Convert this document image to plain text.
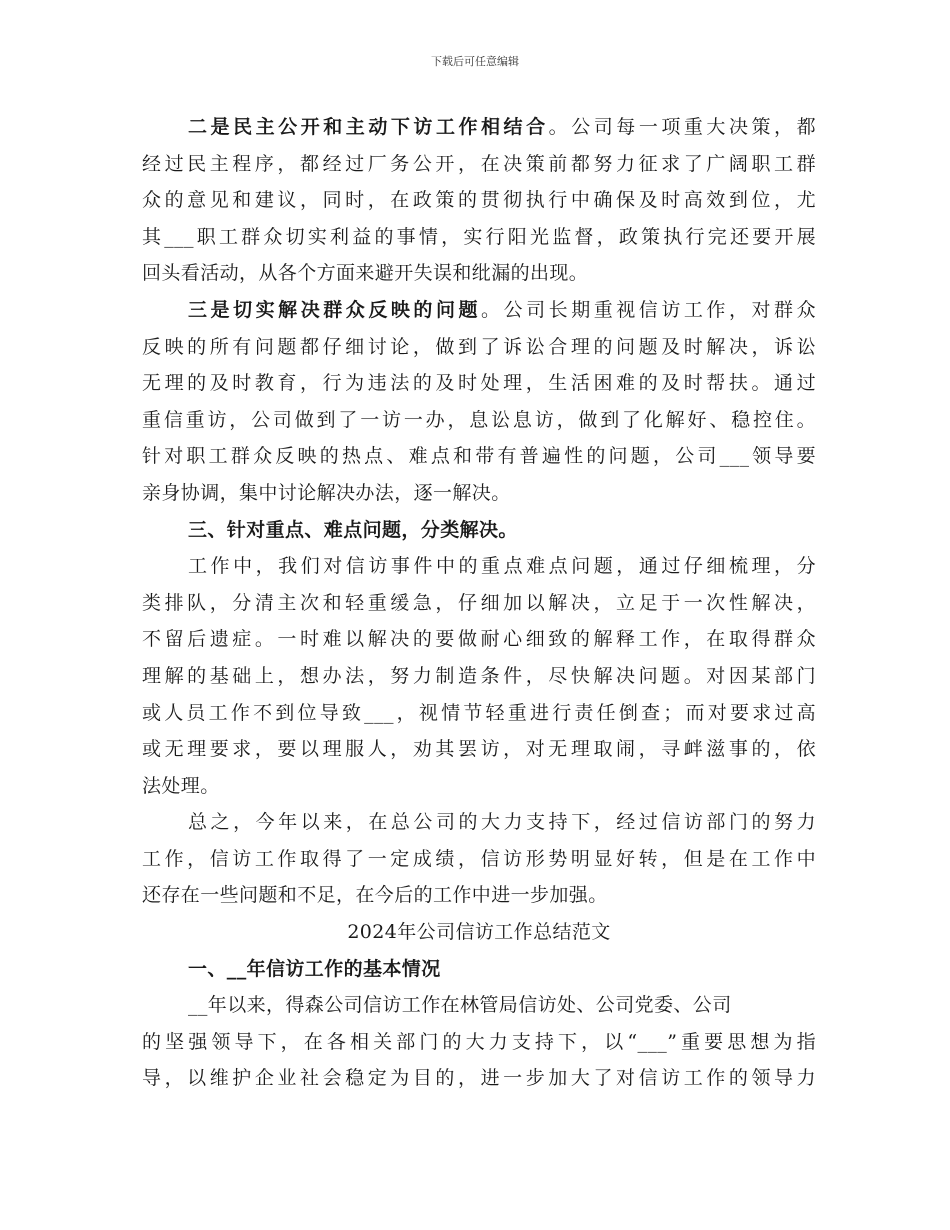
下载后可任意编辑
二是民主公开和主动下访工作相结合。公司每一项重大决策，都
经过民主程序，都经过厂务公开，在决策前都努力征求了广阔职工群
众的意见和建议，同时，在政策的贯彻执行中确保及时高效到位，尤
其___职工群众切实利益的事情，实行阳光监督，政策执行完还要开展
回头看活动，从各个方面来避开失误和纰漏的出现。
三是切实解决群众反映的问题。公司长期重视信访工作，对群众
反映的所有问题都仔细讨论，做到了诉讼合理的问题及时解决，诉讼
无理的及时教育，行为违法的及时处理，生活困难的及时帮扶。通过
重信重访，公司做到了一访一办，息讼息访，做到了化解好、稳控住。
针对职工群众反映的热点、难点和带有普遍性的问题，公司___领导要
亲身协调，集中讨论解决办法，逐一解决。
三、针对重点、难点问题，分类解决。
工作中，我们对信访事件中的重点难点问题，通过仔细梳理，分
类排队，分清主次和轻重缓急，仔细加以解决，立足于一次性解决，
不留后遗症。一时难以解决的要做耐心细致的解释工作，在取得群众
理解的基础上，想办法，努力制造条件，尽快解决问题。对因某部门
或人员工作不到位导致___，视情节轻重进行责任倒查；而对要求过高
或无理要求，要以理服人，劝其罢访，对无理取闹，寻衅滋事的，依
法处理。
总之，今年以来，在总公司的大力支持下，经过信访部门的努力
工作，信访工作取得了一定成绩，信访形势明显好转，但是在工作中
还存在一些问题和不足，在今后的工作中进一步加强。
2024年公司信访工作总结范文
一、__年信访工作的基本情况
__年以来，得森公司信访工作在林管局信访处、公司党委、公司
的坚强领导下，在各相关部门的大力支持下，以“___”重要思想为指
导，以维护企业社会稳定为目的，进一步加大了对信访工作的领导力
